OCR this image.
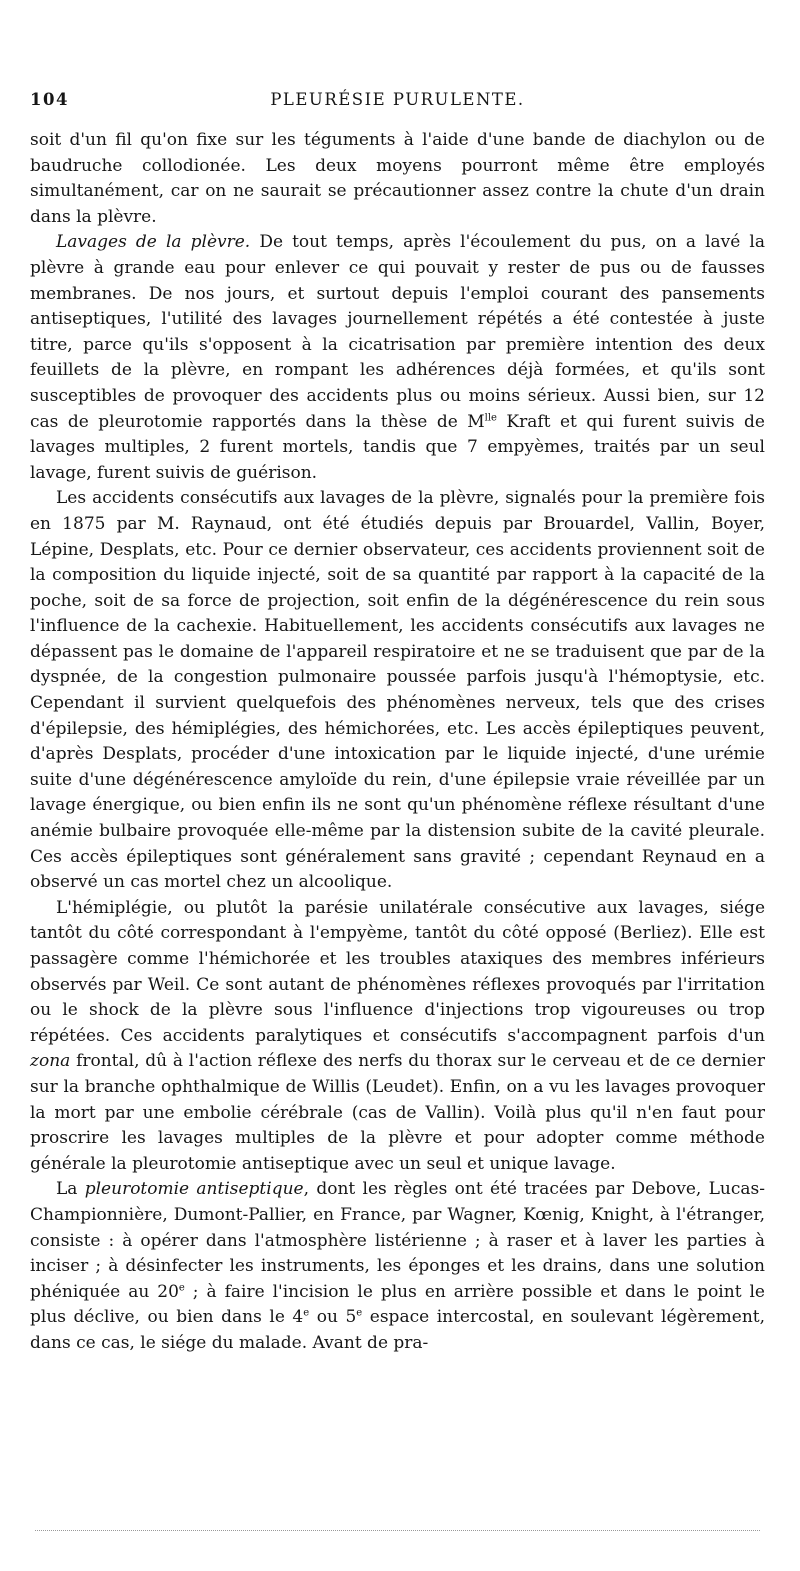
104	PLEURÉSIE PURULENTE.

soit d'un fil qu'on fixe sur les téguments à l'aide d'une bande de diachylon ou de baudruche collodionée. Les deux moyens pourront même être employés simultanément, car on ne saurait se précautionner assez contre la chute d'un drain dans la plèvre.

Lavages de la plèvre. De tout temps, après l'écoulement du pus, on a lavé la plèvre à grande eau pour enlever ce qui pouvait y rester de pus ou de fausses membranes. De nos jours, et surtout depuis l'emploi courant des pansements antiseptiques, l'utilité des lavages journellement répétés a été contestée à juste titre, parce qu'ils s'opposent à la cicatrisation par première intention des deux feuillets de la plèvre, en rompant les adhérences déjà formées, et qu'ils sont susceptibles de provoquer des accidents plus ou moins sérieux. Aussi bien, sur 12 cas de pleurotomie rapportés dans la thèse de $M^{lle}$ Kraft et qui furent suivis de lavages multiples, 2 furent mortels, tandis que 7 empyèmes, traités par un seul lavage, furent suivis de guérison.

Les accidents consécutifs aux lavages de la plèvre, signalés pour la première fois en 1875 par M. Raynaud, ont été étudiés depuis par Brouardel, Vallin, Boyer, Lépine, Desplats, etc. Pour ce dernier observateur, ces accidents proviennent soit de la composition du liquide injecté, soit de sa quantité par rapport à la capacité de la poche, soit de sa force de projection, soit enfin de la dégénérescence du rein sous l'influence de la cachexie. Habituellement, les accidents consécutifs aux lavages ne dépassent pas le domaine de l'appareil respiratoire et ne se traduisent que par de la dyspnée, de la congestion pulmonaire poussée parfois jusqu'à l'hémoptysie, etc. Cependant il survient quelquefois des phénomènes nerveux, tels que des crises d'épilepsie, des hémiplégies, des hémichorées, etc. Les accès épileptiques peuvent, d'après Desplats, procéder d'une intoxication par le liquide injecté, d'une urémie suite d'une dégénérescence amyloïde du rein, d'une épilepsie vraie réveillée par un lavage énergique, ou bien enfin ils ne sont qu'un phénomène réflexe résultant d'une anémie bulbaire provoquée elle-même par la distension subite de la cavité pleurale. Ces accès épileptiques sont généralement sans gravité ; cependant Reynaud en a observé un cas mortel chez un alcoolique.

L'hémiplégie, ou plutôt la parésie unilatérale consécutive aux lavages, siége tantôt du côté correspondant à l'empyème, tantôt du côté opposé (Berliez). Elle est passagère comme l'hémichorée et les troubles ataxiques des membres inférieurs observés par Weil. Ce sont autant de phénomènes réflexes provoqués par l'irritation ou le shock de la plèvre sous l'influence d'injections trop vigoureuses ou trop répétées. Ces accidents paralytiques et consécutifs s'accompagnent parfois d'un zona frontal, dû à l'action réflexe des nerfs du thorax sur le cerveau et de ce dernier sur la branche ophthalmique de Willis (Leudet). Enfin, on a vu les lavages provoquer la mort par une embolie cérébrale (cas de Vallin). Voilà plus qu'il n'en faut pour proscrire les lavages multiples de la plèvre et pour adopter comme méthode générale la pleurotomie antiseptique avec un seul et unique lavage.

La pleurotomie antiseptique, dont les règles ont été tracées par Debove, Lucas-Championnière, Dumont-Pallier, en France, par Wagner, Kœnig, Knight, à l'étranger, consiste : à opérer dans l'atmosphère listérienne ; à raser et à laver les parties à inciser ; à désinfecter les instruments, les éponges et les drains, dans une solution phéniquée au 20e ; à faire l'incision le plus en arrière possible et dans le point le plus déclive, ou bien dans le 4e ou 5e espace intercostal, en soulevant légèrement, dans ce cas, le siége du malade. Avant de pra-
